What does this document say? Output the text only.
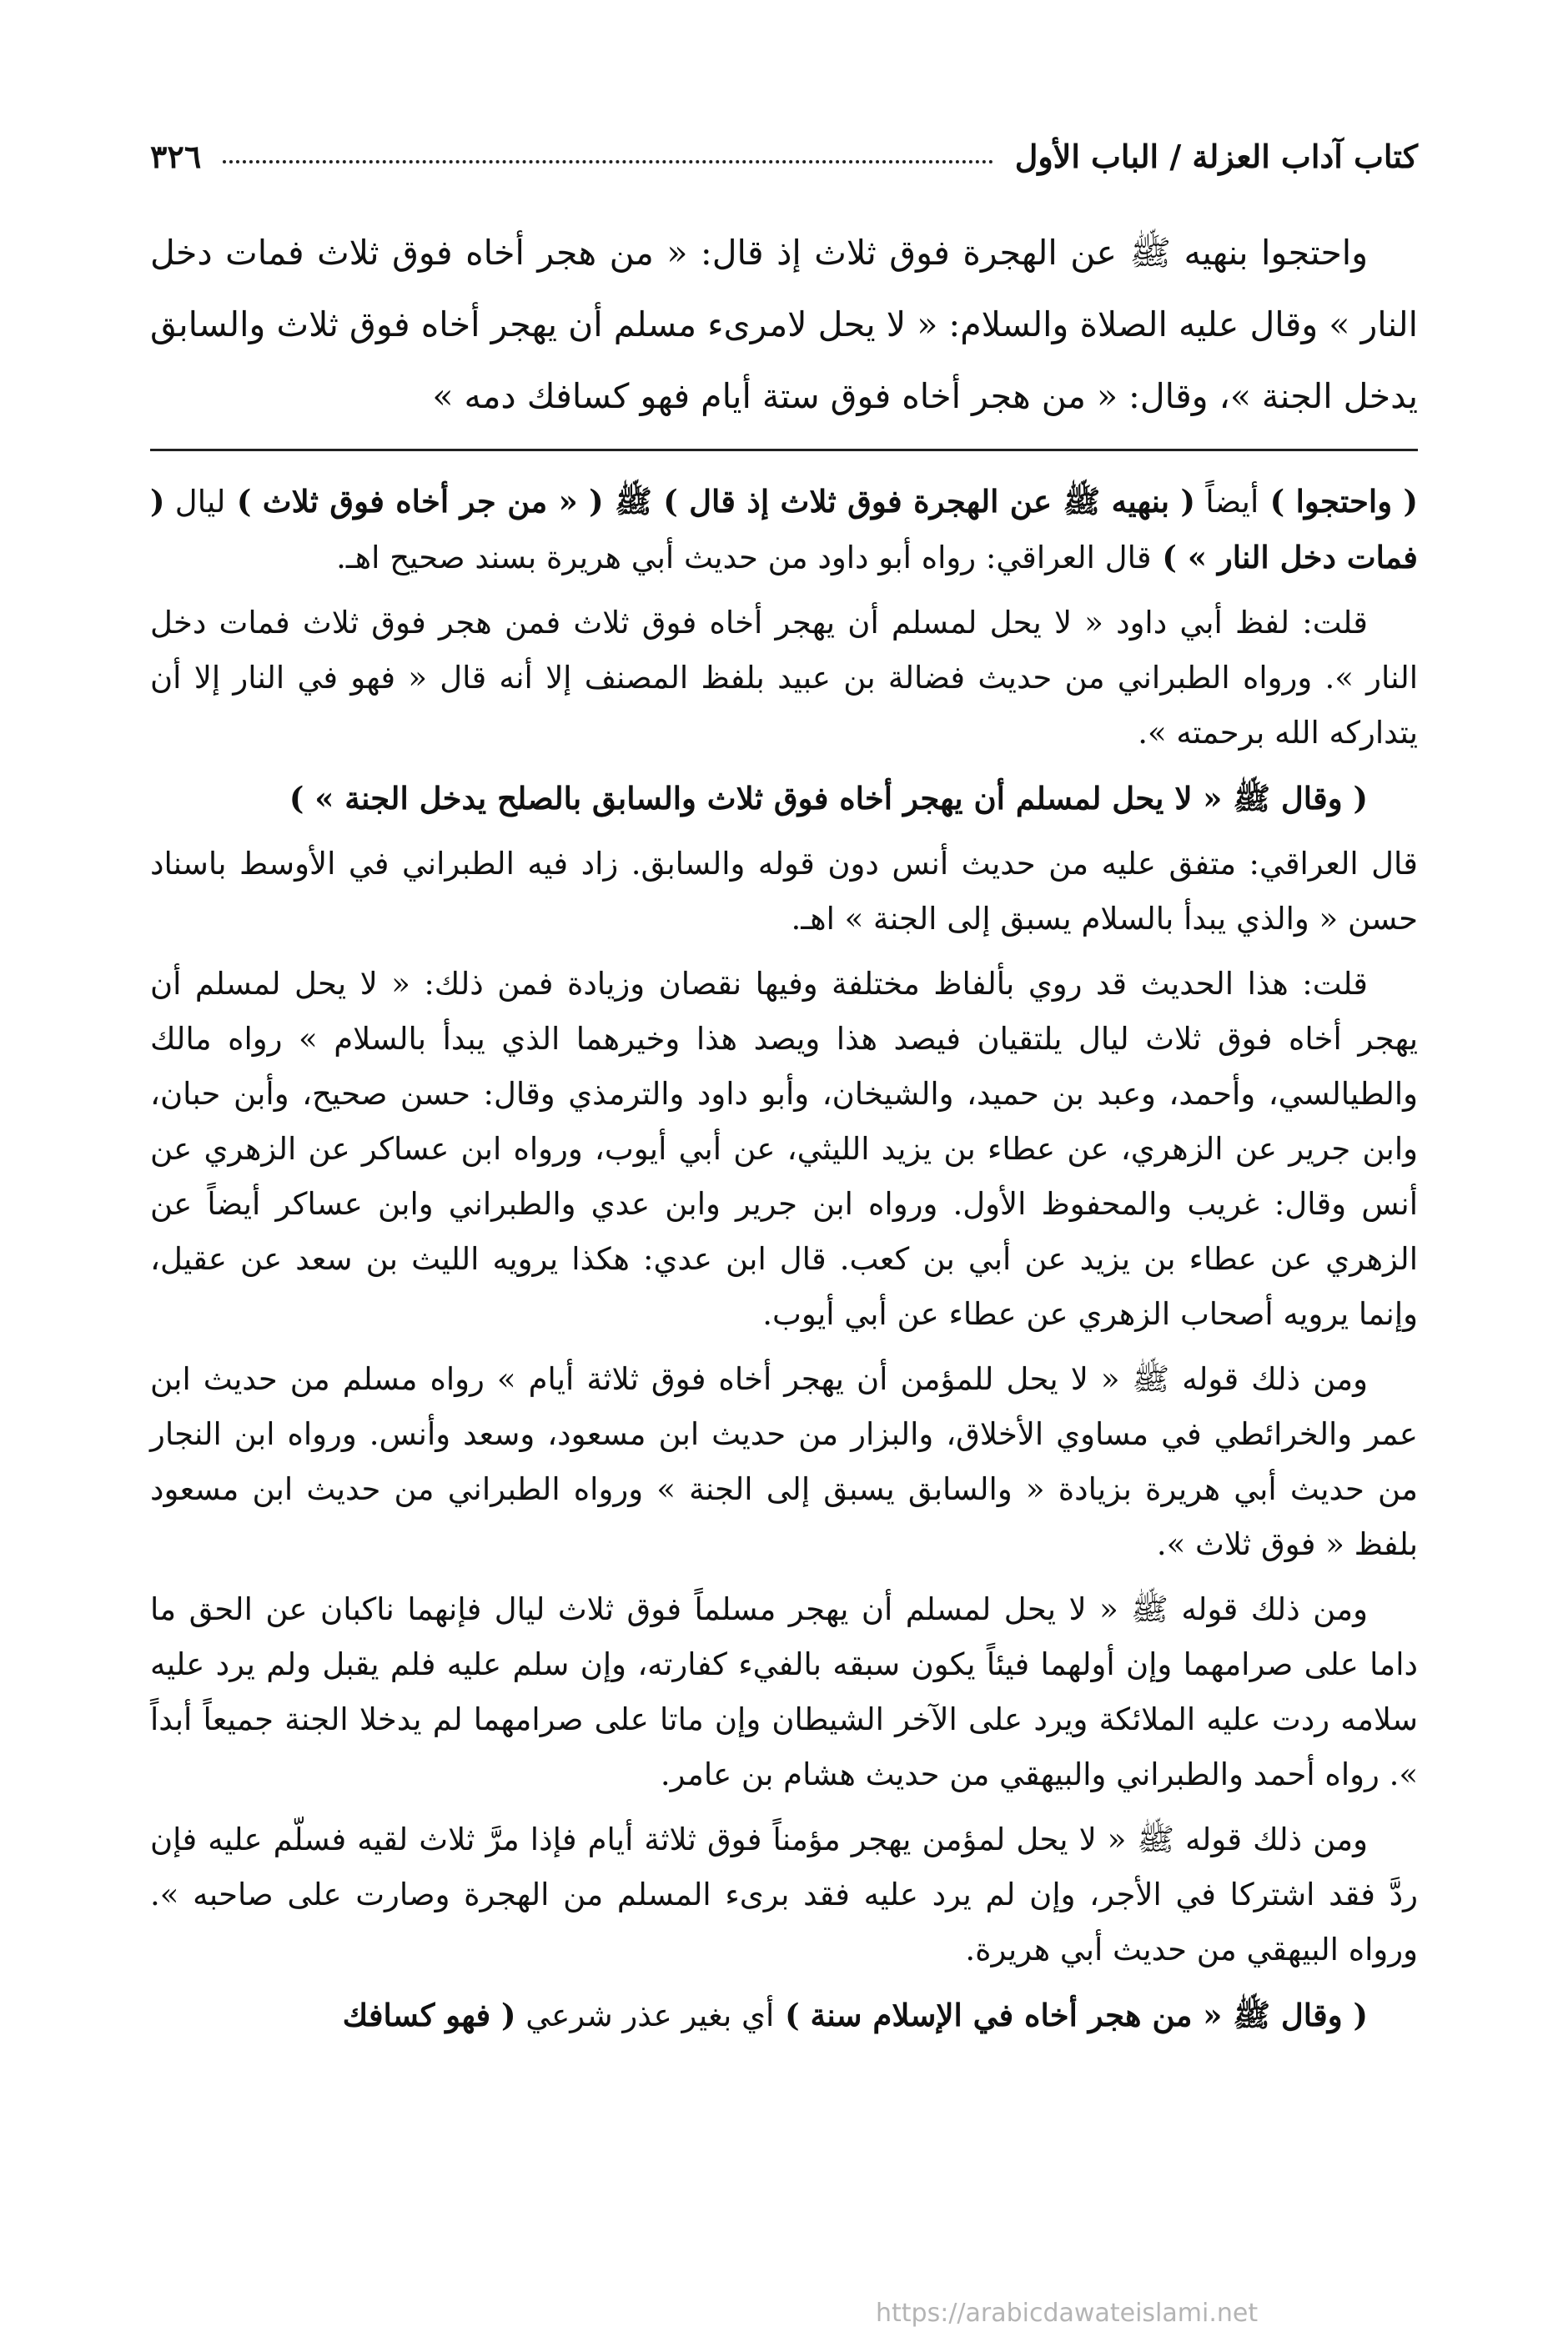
كتاب آداب العزلة / الباب الأول
٣٢٦

واحتجوا بنهيه ﷺ عن الهجرة فوق ثلاث إذ قال: « من هجر أخاه فوق ثلاث فمات دخل النار » وقال عليه الصلاة والسلام: « لا يحل لامرىء مسلم أن يهجر أخاه فوق ثلاث والسابق يدخل الجنة »، وقال: « من هجر أخاه فوق ستة أيام فهو كسافك دمه »

( واحتجوا ) أيضاً ( بنهيه ﷺ عن الهجرة فوق ثلاث إذ قال ) ﷺ ( « من جر أخاه فوق ثلاث ) ليال ( فمات دخل النار » ) قال العراقي: رواه أبو داود من حديث أبي هريرة بسند صحيح اهـ.

قلت: لفظ أبي داود « لا يحل لمسلم أن يهجر أخاه فوق ثلاث فمن هجر فوق ثلاث فمات دخل النار ». ورواه الطبراني من حديث فضالة بن عبيد بلفظ المصنف إلا أنه قال « فهو في النار إلا أن يتداركه الله برحمته ».

( وقال ﷺ « لا يحل لمسلم أن يهجر أخاه فوق ثلاث والسابق بالصلح يدخل الجنة » )

قال العراقي: متفق عليه من حديث أنس دون قوله والسابق. زاد فيه الطبراني في الأوسط باسناد حسن « والذي يبدأ بالسلام يسبق إلى الجنة » اهـ.

قلت: هذا الحديث قد روي بألفاظ مختلفة وفيها نقصان وزيادة فمن ذلك: « لا يحل لمسلم أن يهجر أخاه فوق ثلاث ليال يلتقيان فيصد هذا ويصد هذا وخيرهما الذي يبدأ بالسلام » رواه مالك والطيالسي، وأحمد، وعبد بن حميد، والشيخان، وأبو داود والترمذي وقال: حسن صحيح، وأبن حبان، وابن جرير عن الزهري، عن عطاء بن يزيد الليثي، عن أبي أيوب، ورواه ابن عساكر عن الزهري عن أنس وقال: غريب والمحفوظ الأول. ورواه ابن جرير وابن عدي والطبراني وابن عساكر أيضاً عن الزهري عن عطاء بن يزيد عن أبي بن كعب. قال ابن عدي: هكذا يرويه الليث بن سعد عن عقيل، وإنما يرويه أصحاب الزهري عن عطاء عن أبي أيوب.

ومن ذلك قوله ﷺ « لا يحل للمؤمن أن يهجر أخاه فوق ثلاثة أيام » رواه مسلم من حديث ابن عمر والخرائطي في مساوي الأخلاق، والبزار من حديث ابن مسعود، وسعد وأنس. ورواه ابن النجار من حديث أبي هريرة بزيادة « والسابق يسبق إلى الجنة » ورواه الطبراني من حديث ابن مسعود بلفظ « فوق ثلاث ».

ومن ذلك قوله ﷺ « لا يحل لمسلم أن يهجر مسلماً فوق ثلاث ليال فإنهما ناكبان عن الحق ما داما على صرامهما وإن أولهما فيئاً يكون سبقه بالفيء كفارته، وإن سلم عليه فلم يقبل ولم يرد عليه سلامه ردت عليه الملائكة ويرد على الآخر الشيطان وإن ماتا على صرامهما لم يدخلا الجنة جميعاً أبداً ». رواه أحمد والطبراني والبيهقي من حديث هشام بن عامر.

ومن ذلك قوله ﷺ « لا يحل لمؤمن يهجر مؤمناً فوق ثلاثة أيام فإذا مرَّ ثلاث لقيه فسلّم عليه فإن ردَّ فقد اشتركا في الأجر، وإن لم يرد عليه فقد برىء المسلم من الهجرة وصارت على صاحبه ». ورواه البيهقي من حديث أبي هريرة.

( وقال ﷺ « من هجر أخاه في الإسلام سنة ) أي بغير عذر شرعي ( فهو كسافك

https://arabicdawateislami.net
